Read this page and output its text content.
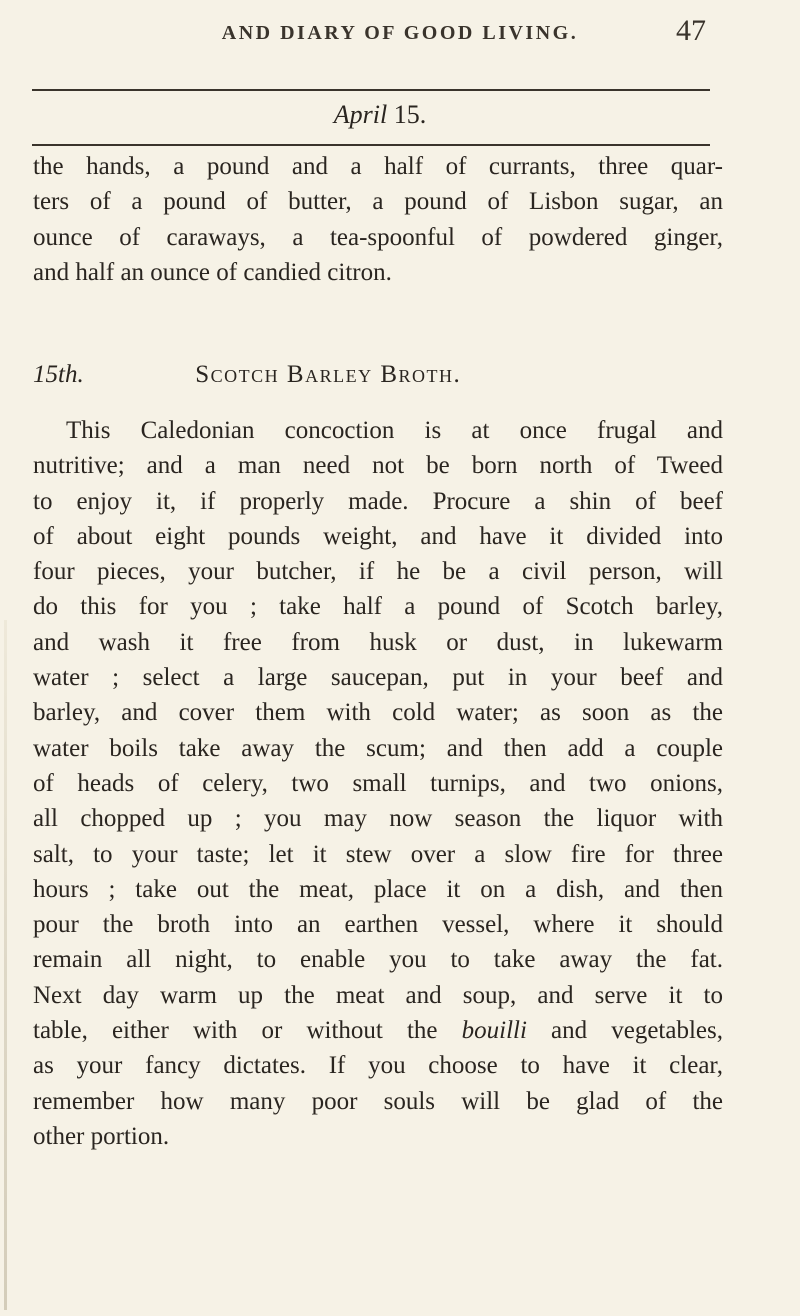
AND DIARY OF GOOD LIVING.	47
April 15.
the hands, a pound and a half of currants, three quar-
ters of a pound of butter, a pound of Lisbon sugar, an
ounce of caraways, a tea-spoonful of powdered ginger,
and half an ounce of candied citron.
15th.	Scotch Barley Broth.
This Caledonian concoction is at once frugal and
nutritive; and a man need not be born north of Tweed
to enjoy it, if properly made. Procure a shin of beef
of about eight pounds weight, and have it divided into
four pieces, your butcher, if he be a civil person, will
do this for you ; take half a pound of Scotch barley,
and wash it free from husk or dust, in lukewarm
water ; select a large saucepan, put in your beef and
barley, and cover them with cold water; as soon as the
water boils take away the scum; and then add a couple
of heads of celery, two small turnips, and two onions,
all chopped up ; you may now season the liquor with
salt, to your taste; let it stew over a slow fire for three
hours ; take out the meat, place it on a dish, and then
pour the broth into an earthen vessel, where it should
remain all night, to enable you to take away the fat.
Next day warm up the meat and soup, and serve it to
table, either with or without the bouilli and vegetables,
as your fancy dictates. If you choose to have it clear,
remember how many poor souls will be glad of the
other portion.
